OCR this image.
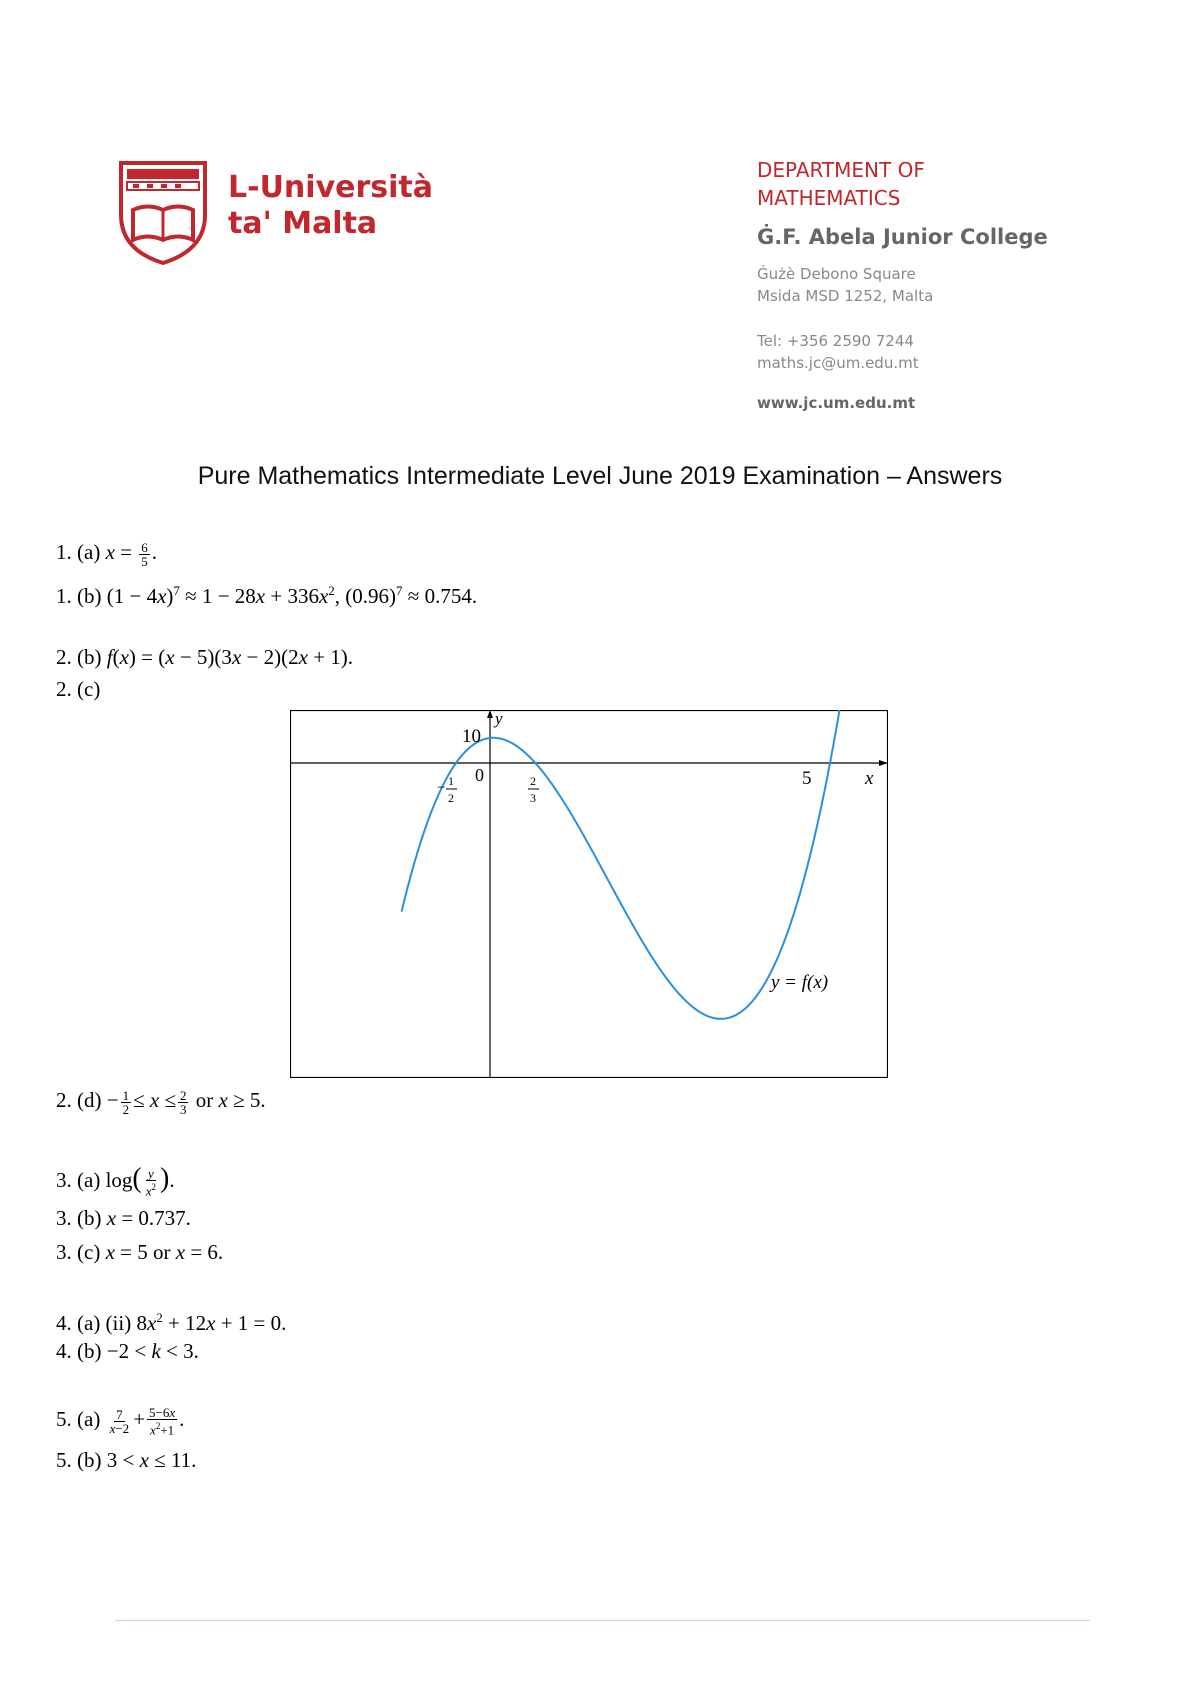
L-Università
ta' Malta
DEPARTMENT OF
MATHEMATICS
Ġ.F. Abela Junior College
Ġużè Debono Square
Msida MSD 1252, Malta
Tel: +356 2590 7244
maths.jc@um.edu.mt
www.jc.um.edu.mt
Pure Mathematics Intermediate Level June 2019 Examination – Answers
1. (a) $x = \frac{6}{5}$ .
1. (b) $(1 - 4x)^7 \approx 1 - 28x + 336x^2$, $(0.96)^7 \approx 0.754$.
2. (b) f(x) = (x − 5)(3x − 2)(2x + 1).
2. (c)
x
y
10
0	5
− 1
2
2
3
y = f(x)
2. $(d) - \frac{1}{2} \le x \le \frac{2}{3}$ or x ≥ 5.
3. (a) $\log( \frac{y}{x^2}$ ).
3. (b) x = 0.737.
3. (c) x = 5 or x = 6.
4. (a) (ii) $8x^2 + 12x + 1 = 0$.
4. (b) −2 < k < 3.
5. $(a) \frac{7}{x-2} + \frac{5-6x}{x^2+1}$ .
5. (b) 3 < x ≤ 11.
